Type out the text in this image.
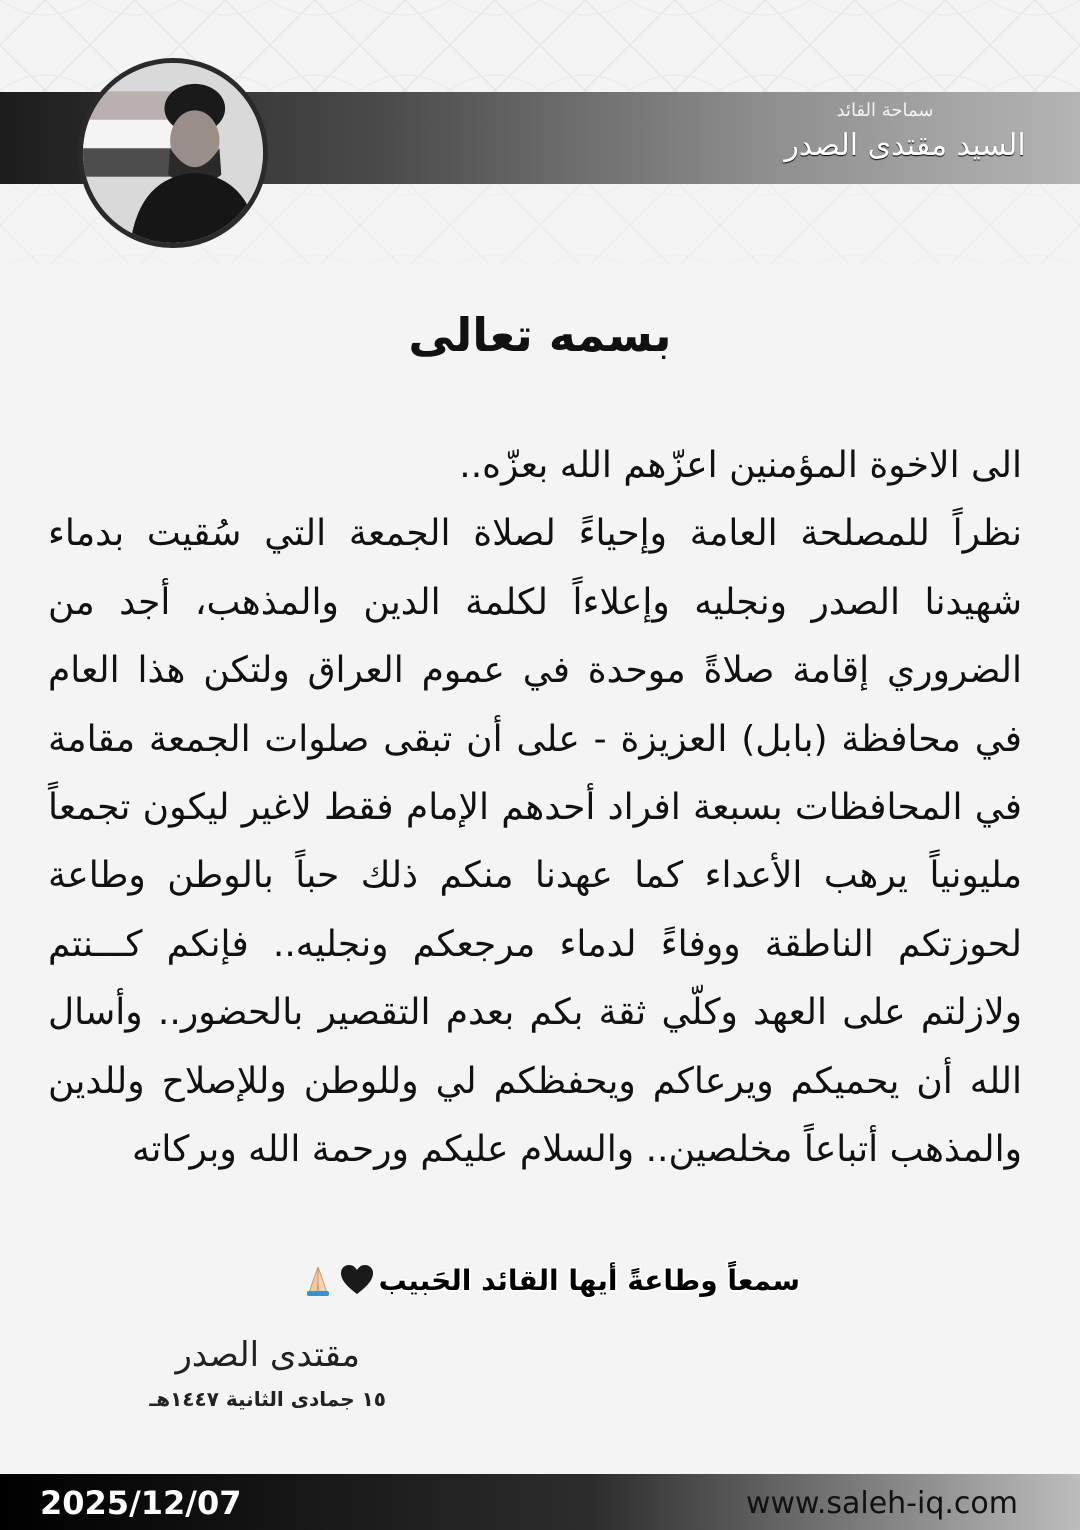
سماحة القائد
السيد مقتدى الصدر
بسمه تعالى

الى الاخوة المؤمنين اعزّهم الله بعزّه..

نظراً للمصلحة العامة وإحياءً لصلاة الجمعة التي سُقيت بدماء شهيدنا الصدر ونجليه وإعلاءاً لكلمة الدين والمذهب، أجد من الضروري إقامة صلاةً موحدة في عموم العراق ولتكن هذا العام في محافظة (بابل) العزيزة - على أن تبقى صلوات الجمعة مقامة في المحافظات بسبعة افراد أحدهم الإمام فقط لاغير ليكون تجمعاً مليونياً يرهب الأعداء كما عهدنا منكم ذلك حباً بالوطن وطاعة لحوزتكم الناطقة ووفاءً لدماء مرجعكم ونجليه.. فإنكم كـــنتم ولازلتم على العهد وكلّي ثقة بكم بعدم التقصير بالحضور.. وأسال الله أن يحميكم ويرعاكم ويحفظكم لي وللوطن وللإصلاح وللدين والمذهب أتباعاً مخلصين.. والسلام عليكم ورحمة الله وبركاته

سمعاً وطاعةً أيها القائد الحَبيب
مقتدى الصدر
١٥ جمادى الثانية ١٤٤٧هـ
2025/12/07	www.saleh-iq.com
